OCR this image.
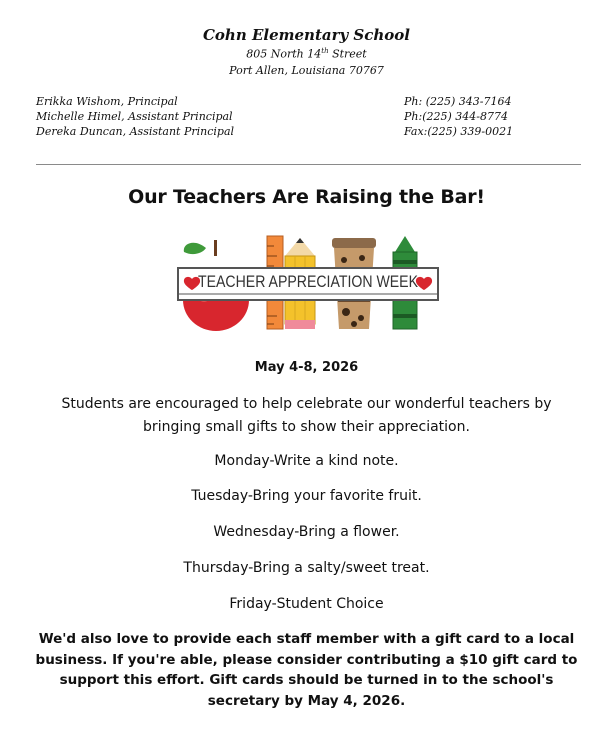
Cohn Elementary School
805 North 14th Street
Port Allen, Louisiana 70767
Erikka Wishom, Principal
Michelle Himel, Assistant Principal
Dereka Duncan, Assistant Principal
Ph: (225) 343-7164
Ph:(225) 344-8774
Fax:(225) 339-0021
Our Teachers Are Raising the Bar!
TEACHER APPRECIATION WEEK
May 4-8, 2026
Students are encouraged to help celebrate our wonderful teachers by bringing small gifts to show their appreciation.
Monday-Write a kind note.
Tuesday-Bring your favorite fruit.
Wednesday-Bring a flower.
Thursday-Bring a salty/sweet treat.
Friday-Student Choice
We'd also love to provide each staff member with a gift card to a local business. If you're able, please consider contributing a $10 gift card to support this effort. Gift cards should be turned in to the school's secretary by May 4, 2026.
